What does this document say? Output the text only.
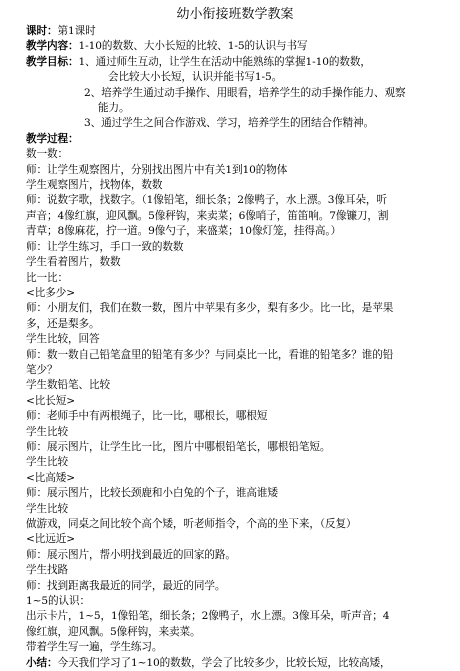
幼小衔接班数学教案
课时：第1课时
教学内容：1-10的数数、大小长短的比较、1-5的认识与书写
教学目标：1、通过师生互动，让学生在活动中能熟练的掌握1-10的数数，
会比较大小长短，认识并能书写1-5。
2、培养学生通过动手操作、用眼看，培养学生的动手操作能力、观察
能力。
3、通过学生之间合作游戏、学习，培养学生的团结合作精神。
教学过程：
数一数：
师：让学生观察图片，分别找出图片中有关1到10的物体
学生观察图片，找物体，数数
师：说数字歌，找数字。（1像铅笔，细长条；2像鸭子，水上漂。3像耳朵，听
声音；4像红旗，迎风飘。5像秤钩，来卖菜；6像哨子，笛笛响。7像镰刀，割
青草；8像麻花，拧一道。9像勺子，来盛菜；10像灯笼，挂得高。）
师：让学生练习，手口一致的数数
学生看着图片，数数
比一比：
<比多少>
师：小朋友们，我们在数一数，图片中苹果有多少，梨有多少。比一比，是苹果
多，还是梨多。
学生比较，回答
师：数一数自己铅笔盒里的铅笔有多少？与同桌比一比，看谁的铅笔多？谁的铅
笔少？
学生数铅笔、比较
<比长短>
师：老师手中有两根绳子，比一比，哪根长，哪根短
学生比较
师：展示图片，让学生比一比，图片中哪根铅笔长，哪根铅笔短。
学生比较
<比高矮>
师：展示图片，比较长颈鹿和小白兔的个子，谁高谁矮
学生比较
做游戏，同桌之间比较个高个矮，听老师指令，个高的坐下来，（反复）
<比远近>
师：展示图片，帮小明找到最近的回家的路。
学生找路
师：找到距离我最近的同学，最近的同学。
1~5的认识：
出示卡片，1~5，1像铅笔，细长条；2像鸭子，水上漂。3像耳朵，听声音；4
像红旗，迎风飘。5像秤钩，来卖菜。
带着学生写一遍，学生练习。
小结：今天我们学习了1~10的数数，学会了比较多少，比较长短，比较高矮，
